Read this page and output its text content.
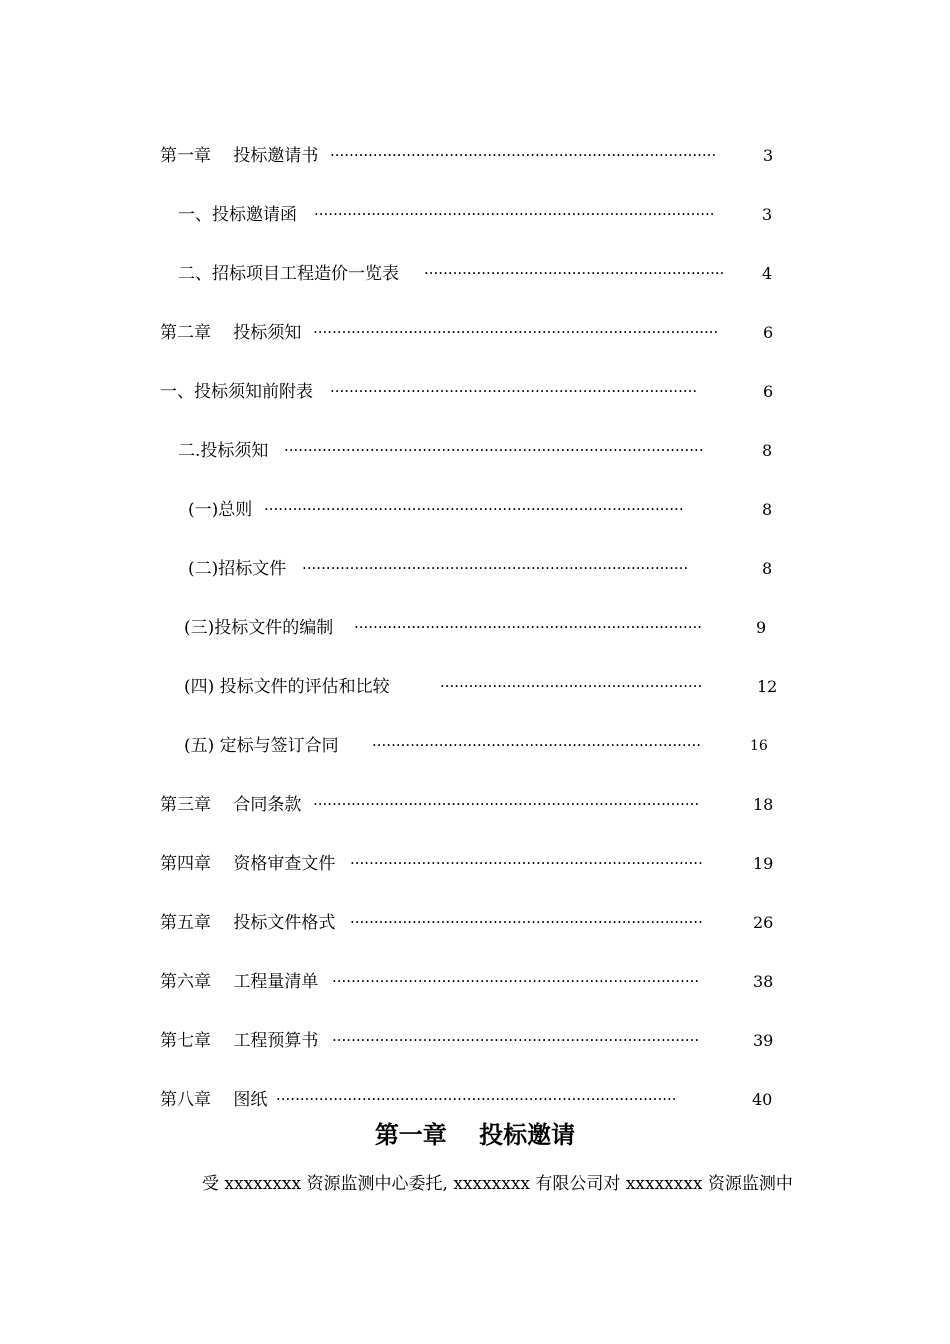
第一章　 投标邀请书 ·················································································	3
一、投标邀请函 ····················································································	3
二、招标项目工程造价一览表 ·······························································	4
第二章　 投标须知 ·····················································································	6
一、投标须知前附表 ·············································································	6
二.投标须知 ························································································	8
(一)总则 ························································································	8
(二)招标文件 ·················································································	8
(三)投标文件的编制 ·········································································	9
(四) 投标文件的评估和比较	·······················································	12
(五) 定标与签订合同 ·····································································	16
第三章　 合同条款 ·················································································	18
第四章　 资格审查文件 ··········································································	19
第五章　 投标文件格式 ··········································································	26
第六章　 工程量清单 ·············································································	38
第七章　 工程预算书 ·············································································	39
第八章　 图纸 ····················································································	40
第一章　 投标邀请
受 xxxxxxxx 资源监测中心委托, xxxxxxxx 有限公司对 xxxxxxxx 资源监测中
